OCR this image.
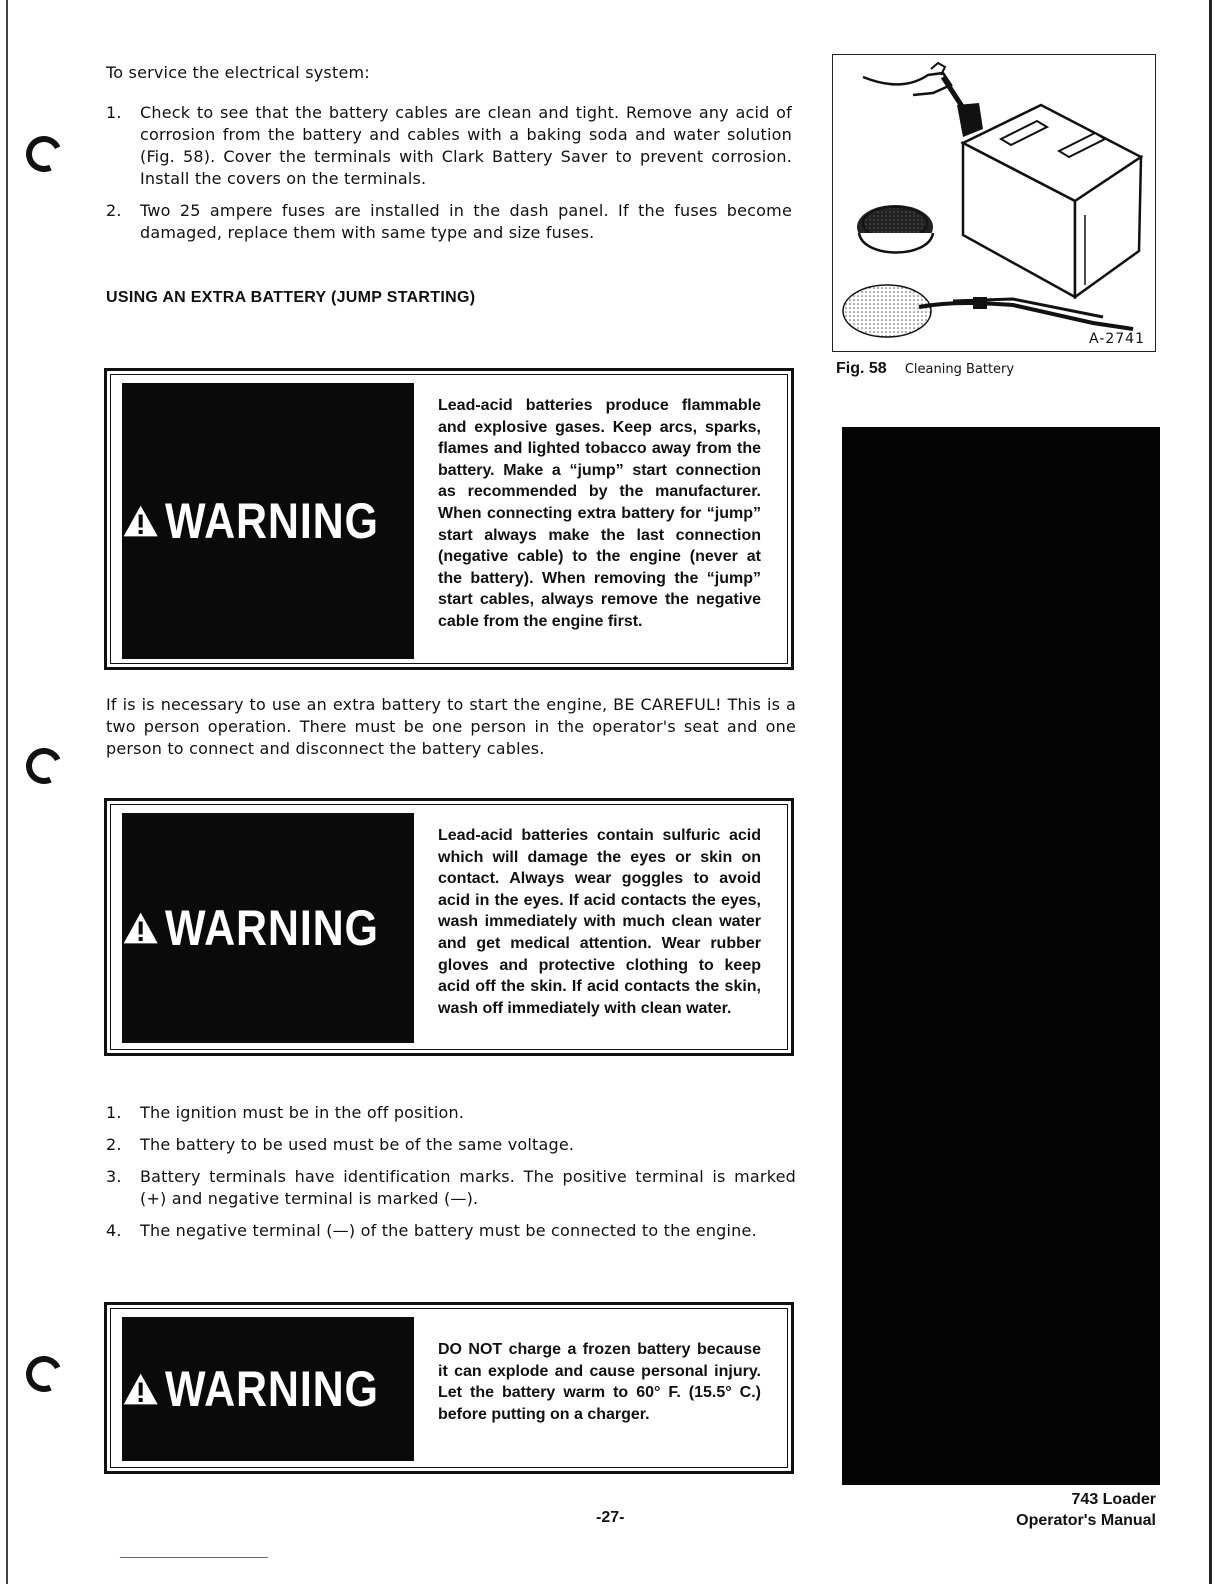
To service the electrical system:
1.	Check to see that the battery cables are clean and tight. Remove any acid of corrosion from the battery and cables with a baking soda and water solution (Fig. 58). Cover the terminals with Clark Battery Saver to prevent corrosion. Install the covers on the terminals.
2.	Two 25 ampere fuses are installed in the dash panel. If the fuses become damaged, replace them with same type and size fuses.
USING AN EXTRA BATTERY (JUMP STARTING)
WARNING
Lead-acid batteries produce flammable and explosive gases. Keep arcs, sparks, flames and lighted tobacco away from the battery. Make a “jump” start connection as recommended by the manufacturer. When connecting extra battery for “jump” start always make the last connection (negative cable) to the engine (never at the battery). When removing the “jump” start cables, always remove the negative cable from the engine first.
If is is necessary to use an extra battery to start the engine, BE CAREFUL! This is a two person operation. There must be one person in the operator's seat and one person to connect and disconnect the battery cables.
WARNING
Lead-acid batteries contain sulfuric acid which will damage the eyes or skin on contact. Always wear goggles to avoid acid in the eyes. If acid contacts the eyes, wash immediately with much clean water and get medical attention. Wear rubber gloves and protective clothing to keep acid off the skin. If acid contacts the skin, wash off immediately with clean water.
1.	The ignition must be in the off position.
2.	The battery to be used must be of the same voltage.
3.	Battery terminals have identification marks. The positive terminal is marked (+) and negative terminal is marked (—).
4.	The negative terminal (—) of the battery must be connected to the engine.
WARNING
DO NOT charge a frozen battery because it can explode and cause personal injury. Let the battery warm to 60° F. (15.5° C.) before putting on a charger.
A-2741
Fig. 58 Cleaning Battery
-27-
743 Loader
Operator's Manual
